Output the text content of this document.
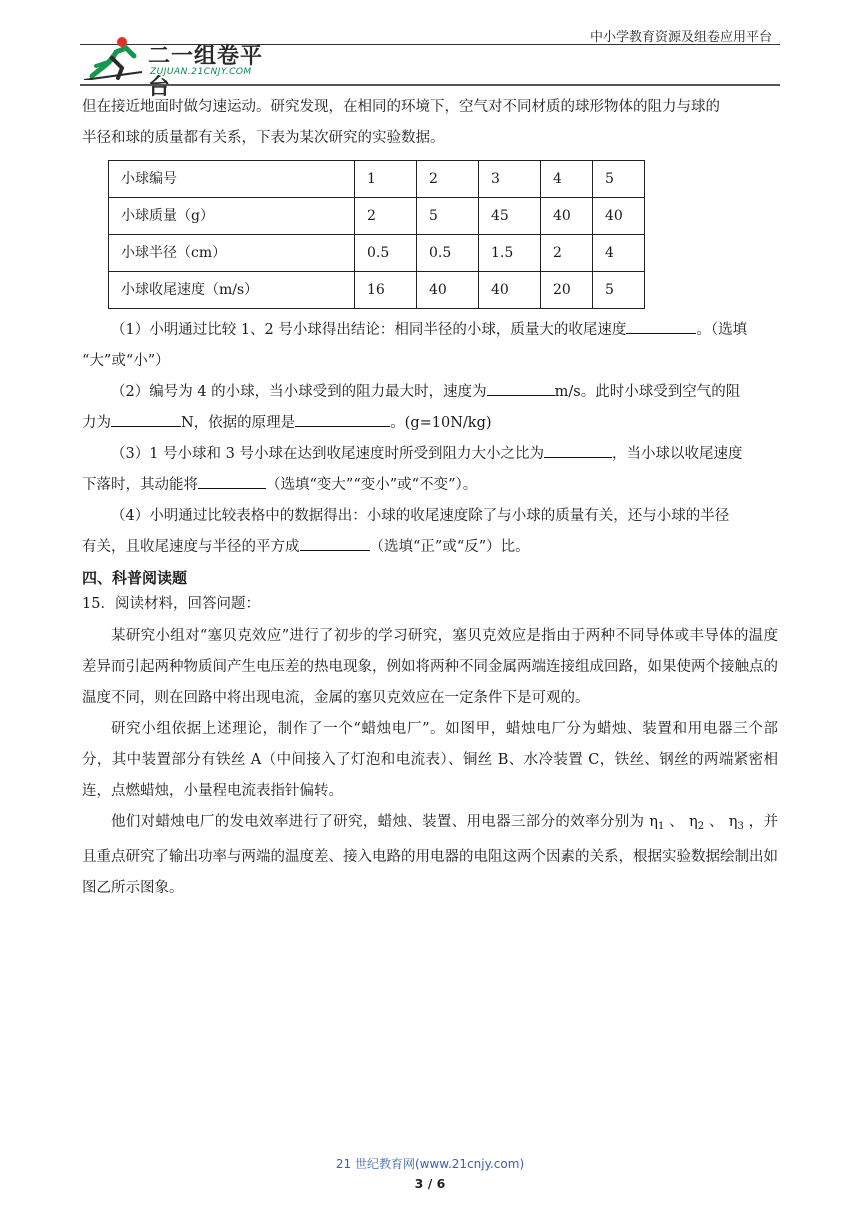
中小学教育资源及组卷应用平台
二一组卷平台
ZUJUAN.21CNJY.COM
但在接近地面时做匀速运动。研究发现，在相同的环境下，空气对不同材质的球形物体的阻力与球的
半径和球的质量都有关系，下表为某次研究的实验数据。
小球编号	1	2	3	4	5
小球质量（g）	2	5	45	40	40
小球半径（cm）	0.5	0.5	1.5	2	4
小球收尾速度（m/s）	16	40	40	20	5
（1）小明通过比较 1、2 号小球得出结论：相同半径的小球，质量大的收尾速度	。（选填
“大”或“小”）
（2）编号为 4 的小球，当小球受到的阻力最大时，速度为	m/s。此时小球受到空气的阻
力为	N，依据的原理是	。(g=10N/kg)
（3）1 号小球和 3 号小球在达到收尾速度时所受到阻力大小之比为	，当小球以收尾速度
下落时，其动能将	（选填“变大”“变小”或“不变”）。
（4）小明通过比较表格中的数据得出：小球的收尾速度除了与小球的质量有关，还与小球的半径
有关，且收尾速度与半径的平方成	（选填“正”或“反”）比。
四、科普阅读题
15．阅读材料，回答问题：
某研究小组对“塞贝克效应”进行了初步的学习研究，塞贝克效应是指由于两种不同导体或丰导体的温度差异而引起两种物质间产生电压差的热电现象，例如将两种不同金属两端连接组成回路，如果使两个接触点的温度不同，则在回路中将出现电流，金属的塞贝克效应在一定条件下是可观的。
研究小组依据上述理论，制作了一个“蜡烛电厂”。如图甲，蜡烛电厂分为蜡烛、装置和用电器三个部分，其中装置部分有铁丝 A（中间接入了灯泡和电流表）、铜丝 B、水冷装置 C，铁丝、钢丝的两端紧密相连，点燃蜡烛，小量程电流表指针偏转。
他们对蜡烛电厂的发电效率进行了研究，蜡烛、装置、用电器三部分的效率分别为 $\eta_1$ 、 $\eta_2$ 、 $\eta_3$ ，并且重点研究了输出功率与两端的温度差、接入电路的用电器的电阻这两个因素的关系，根据实验数据绘制出如图乙所示图象。
21 世纪教育网(www.21cnjy.com)
3 / 6
